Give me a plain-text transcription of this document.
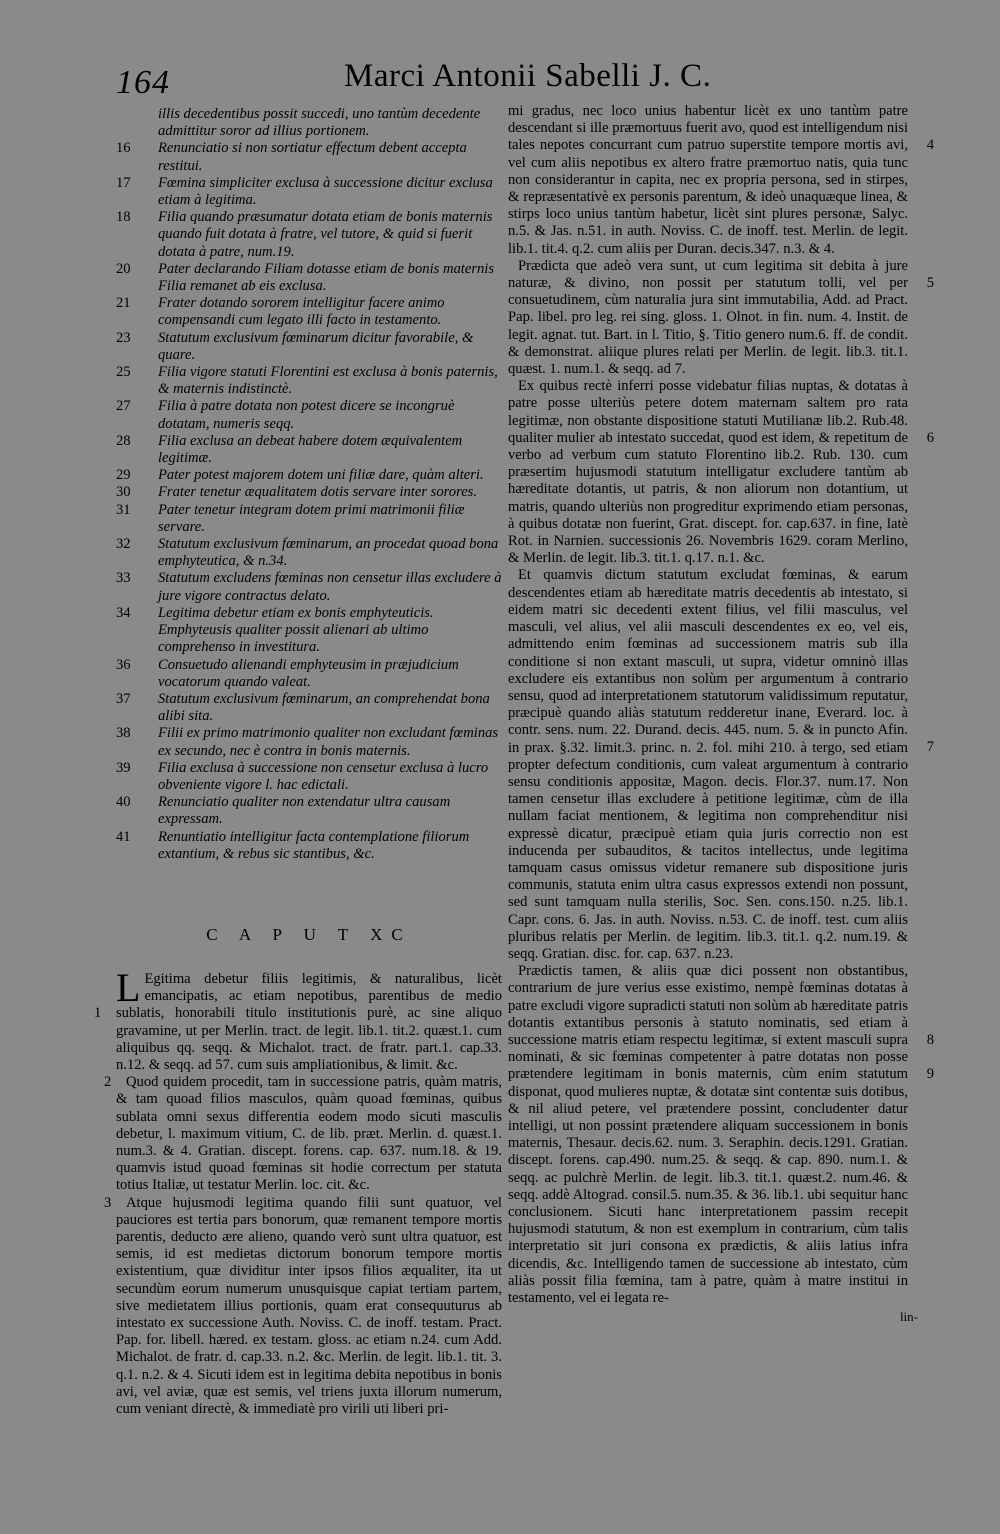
164	Marci Antonii Sabelli J. C.

illis decedentibus possit succedi, uno tantùm decedente admittitur soror ad illius portionem.

16	Renunciatio si non sortiatur effectum debent accepta restitui.

17	Fœmina simpliciter exclusa à successione dicitur exclusa etiam à legitima.

18	Filia quando præsumatur dotata etiam de bonis maternis quando fuit dotata à fratre, vel tutore, & quid si fuerit dotata à patre, num.19.

20	Pater declarando Filiam dotasse etiam de bonis maternis Filia remanet ab eis exclusa.

21	Frater dotando sororem intelligitur facere animo compensandi cum legato illi facto in testamento.

23	Statutum exclusivum fœminarum dicitur favorabile, & quare.

25	Filia vigore statuti Florentini est exclusa à bonis paternis, & maternis indistinctè.

27	Filia à patre dotata non potest dicere se incongruè dotatam, numeris seqq.

28	Filia exclusa an debeat habere dotem æquivalentem legitimæ.

29	Pater potest majorem dotem uni filiæ dare, quàm alteri.

30	Frater tenetur æqualitatem dotis servare inter sorores.

31	Pater tenetur integram dotem primi matrimonii filiæ servare.

32	Statutum exclusivum fœminarum, an procedat quoad bona emphyteutica, & n.34.

33	Statutum excludens fœminas non censetur illas excludere à jure vigore contractus delato.

34	Legitima debetur etiam ex bonis emphyteuticis. Emphyteusis qualiter possit alienari ab ultimo comprehenso in investitura.

36	Consuetudo alienandi emphyteusim in præjudicium vocatorum quando valeat.

37	Statutum exclusivum fœminarum, an comprehendat bona alibi sita.

38	Filii ex primo matrimonio qualiter non excludant fœminas ex secundo, nec è contra in bonis maternis.

39	Filia exclusa à successione non censetur exclusa à lucro obveniente vigore l. hac edictali.

40	Renunciatio qualiter non extendatur ultra causam expressam.

41	Renuntiatio intelligitur facta contemplatione filiorum extantium, & rebus sic stantibus, &c.

C A P U T XC

1
L Egitima debetur filiis legitimis, & naturalibus, licèt emancipatis, ac etiam nepotibus, parentibus de medio sublatis, honorabili titulo institutionis purè, ac sine aliquo gravamine, ut per Merlin. tract. de legit. lib.1. tit.2. quæst.1. cum aliquibus qq. seqq. & Michalot. tract. de fratr. part.1. cap.33. n.12. & seqq. ad 57. cum suis ampliationibus, & limit. &c.

2 Quod quidem procedit, tam in successione patris, quàm matris, & tam quoad filios masculos, quàm quoad fœminas, quibus sublata omni sexus differentia eodem modo sicuti masculis debetur, l. maximum vitium, C. de lib. præt. Merlin. d. quæst.1. num.3. & 4. Gratian. discept. forens. cap. 637. num.18. & 19. quamvis istud quoad fœminas sit hodie correctum per statuta totius Italiæ, ut testatur Merlin. loc. cit. &c.

3 Atque hujusmodi legitima quando filii sunt quatuor, vel pauciores est tertia pars bonorum, quæ remanent tempore mortis parentis, deducto ære alieno, quando verò sunt ultra quatuor, est semis, id est medietas dictorum bonorum tempore mortis existentium, quæ dividitur inter ipsos filios æqualiter, ita ut secundùm eorum numerum unusquisque capiat tertiam partem, sive medietatem illius portionis, quam erat consequuturus ab intestato ex successione Auth. Noviss. C. de inoff. testam. Pract. Pap. for. libell. hæred. ex testam. gloss. ac etiam n.24. cum Add. Michalot. de fratr. d. cap.33. n.2. &c. Merlin. de legit. lib.1. tit. 3. q.1. n.2. & 4. Sicuti idem est in legitima debita nepotibus in bonis avi, vel aviæ, quæ est semis, vel triens juxta illorum numerum, cum veniant directè, & immediatè pro virili uti liberi pri-

4
mi gradus, nec loco unius habentur licèt ex uno tantùm patre descendant si ille præmortuus fuerit avo, quod est intelligendum nisi tales nepotes concurrant cum patruo superstite tempore mortis avi, vel cum aliis nepotibus ex altero fratre præmortuo natis, quia tunc non considerantur in capita, nec ex propria persona, sed in stirpes, & repræsentativè ex personis parentum, & ideò unaquæque linea, & stirps loco unius tantùm habetur, licèt sint plures personæ, Salyc. n.5. & Jas. n.51. in auth. Noviss. C. de inoff. test. Merlin. de legit. lib.1. tit.4. q.2. cum aliis per Duran. decis.347. n.3. & 4.

5
Prædicta que adeò vera sunt, ut cum legitima sit debita à jure naturæ, & divino, non possit per statutum tolli, vel per consuetudinem, cùm naturalia jura sint immutabilia, Add. ad Pract. Pap. libel. pro leg. rei sing. gloss. 1. Olnot. in fin. num. 4. Instit. de legit. agnat. tut. Bart. in l. Titio, §. Titio genero num.6. ff. de condit. & demonstrat. aliique plures relati per Merlin. de legit. lib.3. tit.1. quæst. 1. num.1. & seqq. ad 7.

6
Ex quibus rectè inferri posse videbatur filias nuptas, & dotatas à patre posse ulteriùs petere dotem maternam saltem pro rata legitimæ, non obstante dispositione statuti Mutilianæ lib.2. Rub.48. qualiter mulier ab intestato succedat, quod est idem, & repetitum de verbo ad verbum cum statuto Florentino lib.2. Rub. 130. cum præsertim hujusmodi statutum intelligatur excludere tantùm ab hæreditate dotantis, ut patris, & non aliorum non dotantium, ut matris, quando ulteriùs non progreditur exprimendo etiam personas, à quibus dotatæ non fuerint, Grat. discept. for. cap.637. in fine, latè Rot. in Narnien. successionis 26. Novembris 1629. coram Merlino, & Merlin. de legit. lib.3. tit.1. q.17. n.1. &c.

7
8
Et quamvis dictum statutum excludat fœminas, & earum descendentes etiam ab hæreditate matris decedentis ab intestato, si eidem matri sic decedenti extent filius, vel filii masculus, vel masculi, vel alius, vel alii masculi descendentes ex eo, vel eis, admittendo enim fœminas ad successionem matris sub illa conditione si non extant masculi, ut supra, videtur omninò illas excludere eis extantibus non solùm per argumentum à contrario sensu, quod ad interpretationem statutorum validissimum reputatur, præcipuè quando aliàs statutum redderetur inane, Everard. loc. à contr. sens. num. 22. Durand. decis. 445. num. 5. & in puncto Afin. in prax. §.32. limit.3. princ. n. 2. fol. mihi 210. à tergo, sed etiam propter defectum conditionis, cum valeat argumentum à contrario sensu conditionis appositæ, Magon. decis. Flor.37. num.17. Non tamen censetur illas excludere à petitione legitimæ, cùm de illa nullam faciat mentionem, & legitima non comprehenditur nisi expressè dicatur, præcipuè etiam quia juris correctio non est inducenda per subauditos, & tacitos intellectus, unde legitima tamquam casus omissus videtur remanere sub dispositione juris communis, statuta enim ultra casus expressos extendi non possunt, sed sunt tamquam nulla sterilis, Soc. Sen. cons.150. n.25. lib.1. Capr. cons. 6. Jas. in auth. Noviss. n.53. C. de inoff. test. cum aliis pluribus relatis per Merlin. de legitim. lib.3. tit.1. q.2. num.19. & seqq. Gratian. disc. for. cap. 637. n.23.

9
Prædictis tamen, & aliis quæ dici possent non obstantibus, contrarium de jure verius esse existimo, nempè fœminas dotatas à patre excludi vigore supradicti statuti non solùm ab hæreditate patris dotantis extantibus personis à statuto nominatis, sed etiam à successione matris etiam respectu legitimæ, si extent masculi supra nominati, & sic fœminas competenter à patre dotatas non posse prætendere legitimam in bonis maternis, cùm enim statutum disponat, quod mulieres nuptæ, & dotatæ sint contentæ suis dotibus, & nil aliud petere, vel prætendere possint, concludenter datur intelligi, ut non possint prætendere aliquam successionem in bonis maternis, Thesaur. decis.62. num. 3. Seraphin. decis.1291. Gratian. discept. forens. cap.490. num.25. & seqq. & cap. 890. num.1. & seqq. ac pulchrè Merlin. de legit. lib.3. tit.1. quæst.2. num.46. & seqq. addè Altograd. consil.5. num.35. & 36. lib.1. ubi sequitur hanc conclusionem. Sicuti hanc interpretationem passim recepit hujusmodi statutum, & non est exemplum in contrarium, cùm talis interpretatio sit juri consona ex prædictis, & aliis latius infra dicendis, &c. Intelligendo tamen de successione ab intestato, cùm aliàs possit filia fœmina, tam à patre, quàm à matre institui in testamento, vel ei legata re-

lin-
